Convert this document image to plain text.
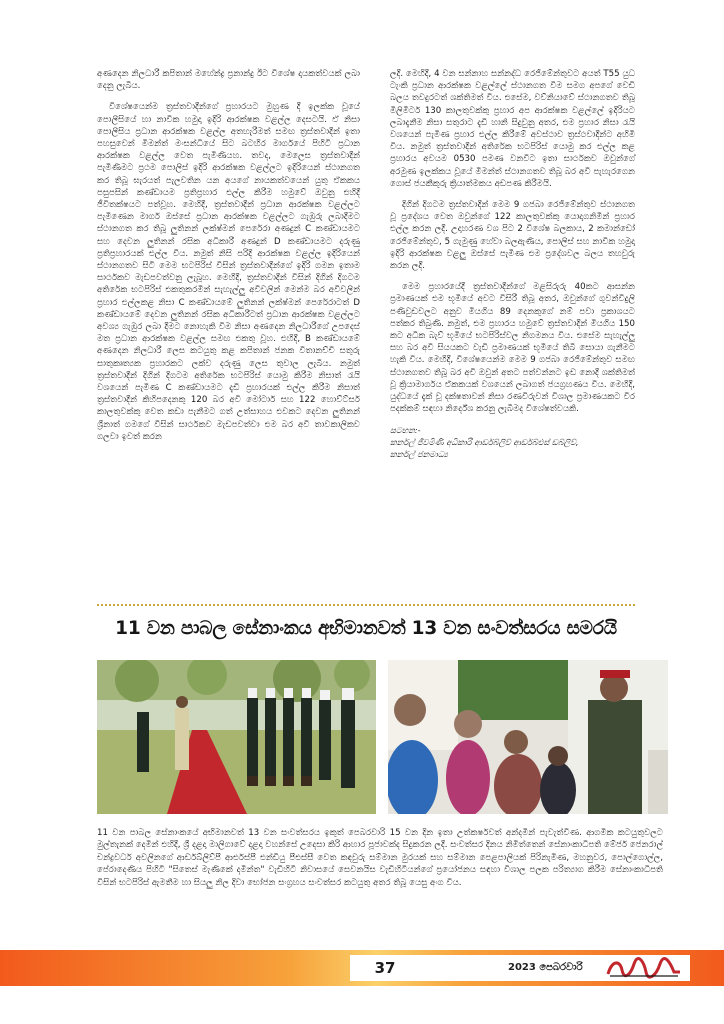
අණදෙන නිලධාරී කපිතාන් මහේන්ද්‍ර ප්‍රනාන්දු ඊට විශේෂ දායකත්වයක් ලබා දෙනු ලැබීය.

විශේෂයෙන්ම ත්‍රස්තවාදීන්ගේ ප්‍රහාරයට මුහුණ දී ඉලක්ක වූයේ පොලීසියේ හා නාවික හමුදා ඉදිරි ආරක්ෂක වළල්ල දෙසටයි. ඒ නිසා පොලීසිය ප්‍රධාන ආරක්ෂක වළල්ල අතහැරීමත් සමඟ ත්‍රස්තවාදීන් ඉතා පහසුවෙන් මිමන්ත් මංසන්ධියේ සිට බටහිර මාර්ගයේ පිහිටි ප්‍රධාන ආරක්ෂක වළල්ල වෙත පැමිණියහ. තවද, මෙලෙස ත්‍රස්තවාදීන් පැමිණීමට ප්‍රථම පොලිස් ඉදිරි ආරක්ෂක වළල්ලට ඉදිරියෙන් ස්ථානගත කර තිබූ ඝැරයත් පැලවතින යන අයගේ නායකත්වයෙන් යුතු ඒකකය පසුපසින් කණ්ඩායම ප්‍රතිප්‍රහාර එල්ල කිරීම හමුවේ ඔවුනු එහිදී ජීවිතක්ෂයට පත්වූහ. මෙහිදී, ත්‍රස්තවාදීන් ප්‍රධාන ආරක්ෂක වළල්ලට පැමිණෙන මාර්ග ඔස්සේ ප්‍රධාන ආරක්ෂක වළල්ලට ගැඹුරු ලබාදීමට ස්ථානගත කර තිබූ ලුතිනන් ලක්ෂ්මන් පෙරේරා අණදුන් C කණ්ඩායමට සහ දෙවන ලුතිනන් රසික අධිකාරී අණදුන් D කණ්ඩායමට දරුණු ප්‍රතිප්‍රහාරයක් එල්ල විය. නමුත් නිසි පරිදි ආරක්ෂක වළල්ල ඉදිරියෙන් ස්ථානගතව සිටි මෙම භටපිරිස් විසින් ත්‍රස්තවාදීන්ගේ ඉදිරි ගමන ඉතාම සාර්ථකව මැඩපවත්වනු ලැබූහ. මෙහිදී, ත්‍රස්තවාදීන් විසින් දිගින් දිගටම අතිරේක භටපිරිස් එකතුකරමින් සැහැල්ලු අවිවලින් මෙන්ම බර අවිවලින් ප්‍රහාර එල්ලකළ නිසා C කණ්ඩායමේ ලුතිනන් ලක්ෂ්මන් පෙරේරාටත් D කණ්ඩායමේ දෙවන ලුතිනන් රසික අධිකාරීටත් ප්‍රධාන ආරක්ෂක වළල්ලට අවශ්‍ය ගැඹුර ලබා දීමට නොහැකි විම නිසා අණදෙන නිලධාරීගේ උපදෙස් මත ප්‍රධාන ආරක්ෂක වළල්ල සමඟ එකතු වූහ. එහිදී, B කණ්ඩායමේ අණදෙන නිලධාරී ලෙස කටයුතු කළ කපිතාන් ජනක විතානච්චි සතුරු සාතුකෘත්‍යක ප්‍රහාරකට ලක්ව දරුණු ලෙස තුවාල ලැබීය. නමුත් ත්‍රස්තවාදීන් දිගින් දිගටම අතිරේක භටපිරිස් යොමු කිරීම නිසාත් රැයි වශයෙන් පැමිණ C කණ්ඩායමට දැඩි ප්‍රහාරයක් එල්ල කිරීම නිසාත් ත්‍රස්තවාදීන් කිහිපදෙනකු 120 බර අවි මෝටාර් සහ 122 හොව්ට්සර් කාලතුවක්කු වෙත කඩා පැනීමට ගත් උත්සාහය එවකට දෙවන ලුතිනන් ශ්‍රීනාත් ගමගේ විසින් සාර්ථකව මැඩපවත්වා එම බර අවි තාවකාලිකව ගලවා ඉවත් කරන

ලදී. මෙහිදී, 4 වන සන්නාහ සන්නද්ධ රෙජිමේන්තුවට අයත් T55 යුධ ටැංකි ප්‍රධාන ආරක්ෂක වළල්ලේ ස්ථානගත විම සමග අපගේ වෙඩි බලය තවදුරටත් ශක්තිමත් විය. එසේම, වව්නියාවේ ස්ථානගතව තිබූ මිලිමීටර් 130 කාලතුවක්කු ප්‍රහාර අප ආරක්ෂක වළල්ලේ ඉදිරියට ලබාදැනීම නිසා සතුරාට දැඩි හානි සිදුවුනු අතර, එම ප්‍රහාර නිසා රැයි වශයෙන් පැමිණ ප්‍රහාර එල්ල කිරීමේ අවස්ථාව ත්‍රස්ථවාදීන්ට අහිමි විය. නමුත් ත්‍රස්තවාදීන් අතිරේක භටපිරිස් යොමු කර එල්ල කළ ප්‍රහාරය අවයම 0530 පමණ වනවිට ඉතා සාර්ථකව ඔවුන්ගේ අරමුණ ඉලක්කය වූයේ මිමන්ත් ස්ථානගතව තිබූ බර අවි පැහැරගෙන ගොස් ජයකීකුරු ක්‍රියාත්මකය අඩපණ කිරීමයි.

දිගින් දිගටම ත්‍රස්තවාදීන් මෙම 9 ගජබා රෙජිමේන්තුව ස්ථානගත වූ ප්‍රදේශය වෙත ඔවුන්ගේ 122 කාලතුවක්කු යොදාගනිමින් ප්‍රහාර එල්ල කරන ලදී. උදාහරණ වශ පිට 2 විශේෂ බලකාය, 2 කමාන්ඩෝ රෙජිමේන්තුව, 5 ගැමුණු හේවා බලඇණිය, පොලිස් සහ නාවික හමුදා ඉදිරි ආරක්ෂක වළලු ඔස්සේ පැමිණ එම ප්‍රදේශවල බලය තහවුරු කරන ලදී.

මෙම ප්‍රහාරයේදී ත්‍රස්තවාදීන්ගේ මළසිරුරු 40කට ආසන්න ප්‍රමාණයක් එම භූමියේ අවට විසිරී තිබූ අතර, ඔවුන්ගේ ගුවන්විදුලි පණිවුඩවලට අනුව මියගිය 89 දෙනකුගේ නම් පවා ප්‍රකාශයට පත්කර තිබුණි. නමුත්, එම ප්‍රහාරය හමුවේ ත්‍රස්තවාදීන් මියගිය 150 කට අධික බැව් භූමියේ භටපිරිස්වල නිගමනය විය. එසේම සැහැල්ලු සහ බර අවි සියයකට වැඩි ප්‍රමාණයක් භූමියේ තිබී සොයා ගැනීමට හැකි විය. මෙහිදී, විශේෂයෙන්ම මෙම 9 ගජබා රෙජිමේන්තුව සමඟ ස්ථානගතව තිබූ බර අවි ඔවුන් අතට පත්වන්නට ඉඩ නොදී ශක්තිමත් වූ ක්‍රියාමාර්ගය ඒකකයක් වශයෙන් ලබාගත් ජයග්‍රහණය විය. මෙහිදී, යුද්ධයේ දැක් වූ දක්ෂතාවන් නිසා රණවිරුවන් විශාල ප්‍රමාණයකට විර පදක්කම් සඳහා නිර්දේශ කරනු ලැබීමද විශේෂත්වයකි.

සටහන:-
කර්නල් ජීවමිණි අධිකාරි ආර්ඩබ්ලිව් ආර්ඩබ්එස් ඩබ්ලිව්,
කර්නල් ජනමාධ්‍ය
11 වන පාබල සේනාංකය අභිමානවත් 13 වන සංවත්සරය සමරයි

11 වන පාබල සේනාංකයේ අභිමානවත් 13 වන සංවත්සරය ඉකුත් පෙබරවාරි 15 වන දින ඉතා උත්කර්ෂවත් අන්දමින් පැවැත්විණ. ආගමික කටයුතුවලට මුල්තැනක් දෙමින් එහිදී, ශ්‍රී දළදා මාලිගාවේ දළදා වහන්සේ උදෙසා කිරි ආහාර පූජාවක්ද සිදුකරන ලදී. සංවත්සර දිනය නිමිත්තෙන් සේනාංකාධිපති මේජර් ජෙනරාල් චන්ද්‍රවර්ධ අවලිනගේ ආර්ඩබ්ලිව්පී ආර්එස්පී එන්ඩීයු පීඑස්සී වෙත කඳවුරු සම්මාන මුරයක් සහ සම්මාන පෙළපාලියක් පිරිනැමිණ, මහනුවර, පොල්ගොල්ල, පේරාදෙණිය පිහිටි "සිතෙස් මැණිකේ දමීන්ත" වැඩිහිටි නිවාසයේ සෙවනයිස වැඩිහිටියන්ගේ ප්‍රයෝජනය සඳහා විශාල පලක පරිත්‍යාග කිරීම සේනාංකාධිපති විසින් භටපිරිස් ඇමතීම හා සියලු නිල දිවා භෝජන සංග්‍රහය සංවත්සර කටයුතු අතර තිබූ යෙසු අංග විය.

37	2023 පෙබරවාරි
